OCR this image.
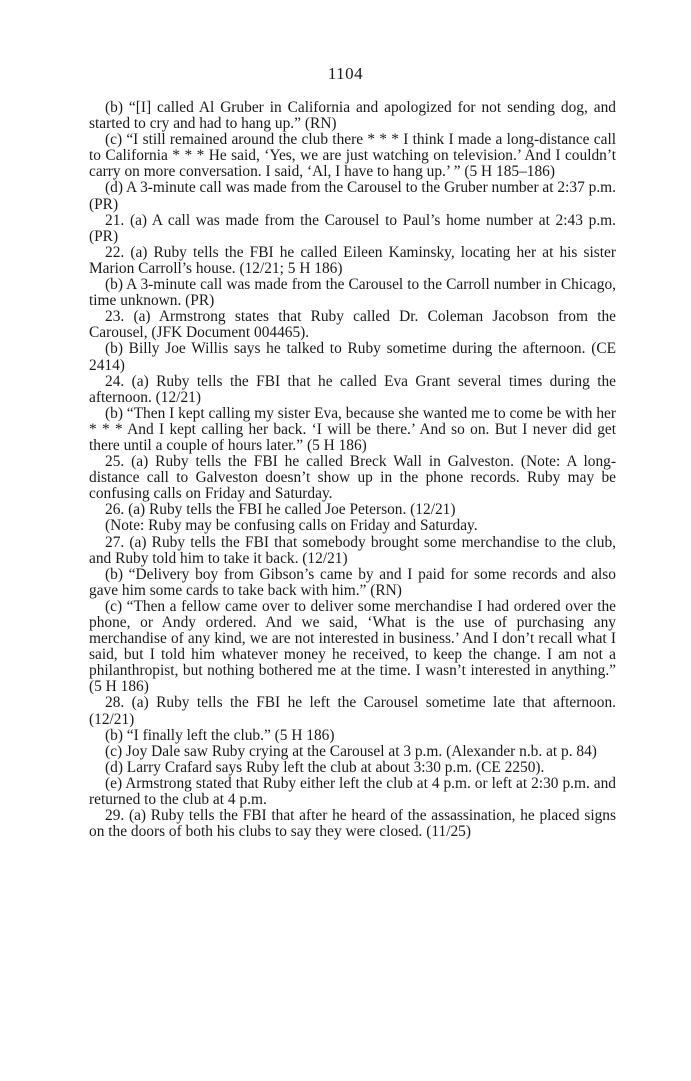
1104

(b) “[I] called Al Gruber in California and apologized for not sending dog, and started to cry and had to hang up.” (RN)

(c) “I still remained around the club there * * * I think I made a long-distance call to California * * * He said, ‘Yes, we are just watching on television.’ And I couldn’t carry on more conversation. I said, ‘Al, I have to hang up.’ ” (5 H 185–186)

(d) A 3-minute call was made from the Carousel to the Gruber number at 2:37 p.m. (PR)

21. (a) A call was made from the Carousel to Paul’s home number at 2:43 p.m. (PR)

22. (a) Ruby tells the FBI he called Eileen Kaminsky, locating her at his sister Marion Carroll’s house. (12/21; 5 H 186)

(b) A 3-minute call was made from the Carousel to the Carroll number in Chicago, time unknown. (PR)

23. (a) Armstrong states that Ruby called Dr. Coleman Jacobson from the Carousel, (JFK Document 004465).

(b) Billy Joe Willis says he talked to Ruby sometime during the afternoon. (CE 2414)

24. (a) Ruby tells the FBI that he called Eva Grant several times during the afternoon. (12/21)

(b) “Then I kept calling my sister Eva, because she wanted me to come be with her * * * And I kept calling her back. ‘I will be there.’ And so on. But I never did get there until a couple of hours later.” (5 H 186)

25. (a) Ruby tells the FBI he called Breck Wall in Galveston. (Note: A long-distance call to Galveston doesn’t show up in the phone records. Ruby may be confusing calls on Friday and Saturday.

26. (a) Ruby tells the FBI he called Joe Peterson. (12/21)

(Note: Ruby may be confusing calls on Friday and Saturday.

27. (a) Ruby tells the FBI that somebody brought some merchandise to the club, and Ruby told him to take it back. (12/21)

(b) “Delivery boy from Gibson’s came by and I paid for some records and also gave him some cards to take back with him.” (RN)

(c) “Then a fellow came over to deliver some merchandise I had ordered over the phone, or Andy ordered. And we said, ‘What is the use of purchasing any merchandise of any kind, we are not interested in business.’ And I don’t recall what I said, but I told him whatever money he received, to keep the change. I am not a philanthropist, but nothing bothered me at the time. I wasn’t interested in anything.” (5 H 186)

28. (a) Ruby tells the FBI he left the Carousel sometime late that afternoon. (12/21)

(b) “I finally left the club.” (5 H 186)

(c) Joy Dale saw Ruby crying at the Carousel at 3 p.m. (Alexander n.b. at p. 84)

(d) Larry Crafard says Ruby left the club at about 3:30 p.m. (CE 2250).

(e) Armstrong stated that Ruby either left the club at 4 p.m. or left at 2:30 p.m. and returned to the club at 4 p.m.

29. (a) Ruby tells the FBI that after he heard of the assassination, he placed signs on the doors of both his clubs to say they were closed. (11/25)
